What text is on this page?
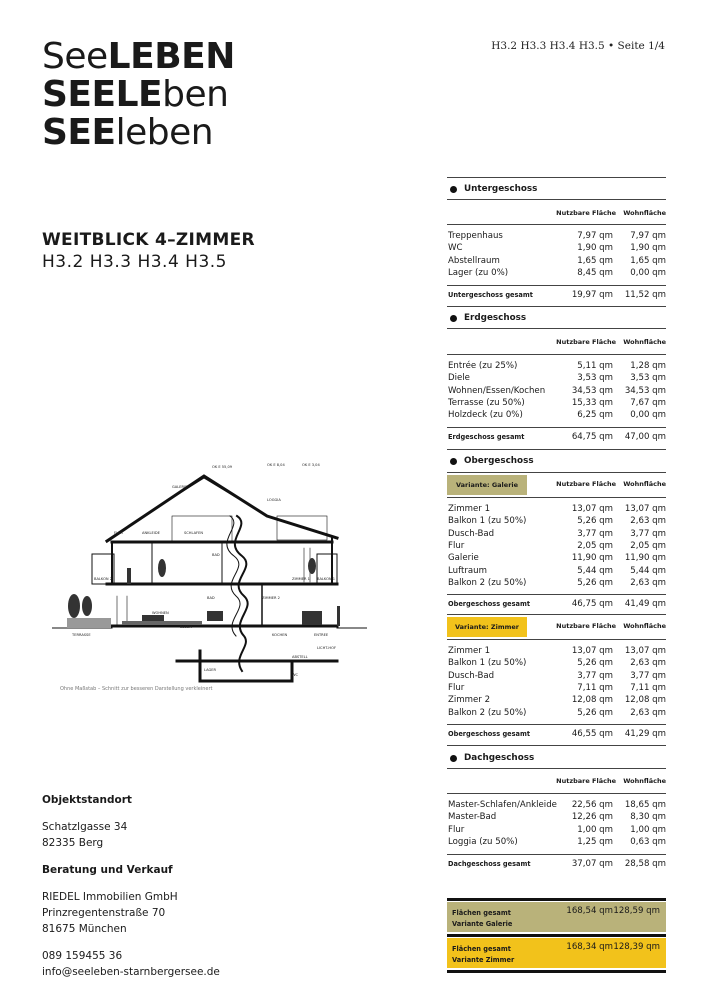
SeeLEBEN
SEELEben
SEEleben
H3.2 H3.3 H3.4 H3.5 • Seite 1/4
WEITBLICK 4–ZIMMER
H3.2 H3.3 H3.4 H3.5
OK E 55,09	OK E 8,04	OK E 3,04
GALERIE
LOGGIA
FLUR	ANKLEIDE	SCHLAFEN
BAD
BALKON 2	ZIMMER 1 BALKON 1
BAD	ZIMMER 2
WOHNEN
ESSEN
TERRASSE	KOCHEN	ENTREE
LICHT-HOF
ABSTELL
LAGER
WC
Ohne Maßstab – Schnitt zur besseren Darstellung verkleinert
Objektstandort
Schatzlgasse 34
82335 Berg
Beratung und Verkauf
RIEDEL Immobilien GmbH
Prinzregentenstraße 70
81675 München
089 159455 36
info@seeleben-starnbergersee.de
Untergeschoss
Nutzbare Fläche Wohnfläche
Treppenhaus	7,97 qm 7,97 qm
WC	1,90 qm 1,90 qm
Abstellraum	1,65 qm 1,65 qm
Lager (zu 0%)	8,45 qm 0,00 qm
Untergeschoss gesamt	19,97 qm 11,52 qm
Erdgeschoss
Nutzbare Fläche Wohnfläche
Entrée (zu 25%)	5,11 qm 1,28 qm
Diele	3,53 qm 3,53 qm
Wohnen/Essen/Kochen	34,53 qm 34,53 qm
Terrasse (zu 50%)	15,33 qm 7,67 qm
Holzdeck (zu 0%)	6,25 qm 0,00 qm
Erdgeschoss gesamt	64,75 qm 47,00 qm
Obergeschoss
Variante: Galerie	Nutzbare Fläche Wohnfläche
Zimmer 1	13,07 qm 13,07 qm
Balkon 1 (zu 50%)	5,26 qm 2,63 qm
Dusch-Bad	3,77 qm 3,77 qm
Flur	2,05 qm 2,05 qm
Galerie	11,90 qm 11,90 qm
Luftraum	5,44 qm 5,44 qm
Balkon 2 (zu 50%)	5,26 qm 2,63 qm
Obergeschoss gesamt	46,75 qm 41,49 qm
Variante: Zimmer	Nutzbare Fläche Wohnfläche
Zimmer 1	13,07 qm 13,07 qm
Balkon 1 (zu 50%)	5,26 qm 2,63 qm
Dusch-Bad	3,77 qm 3,77 qm
Flur	7,11 qm 7,11 qm
Zimmer 2	12,08 qm 12,08 qm
Balkon 2 (zu 50%)	5,26 qm 2,63 qm
Obergeschoss gesamt	46,55 qm 41,29 qm
Dachgeschoss
Nutzbare Fläche Wohnfläche
Master-Schlafen/Ankleide 22,56 qm 18,65 qm
Master-Bad	12,26 qm 8,30 qm
Flur	1,00 qm 1,00 qm
Loggia (zu 50%)	1,25 qm 0,63 qm
Dachgeschoss gesamt	37,07 qm 28,58 qm
Flächen gesamt
Variante Galerie
168,54 qm 128,59 qm
Flächen gesamt
Variante Zimmer
168,34 qm 128,39 qm
